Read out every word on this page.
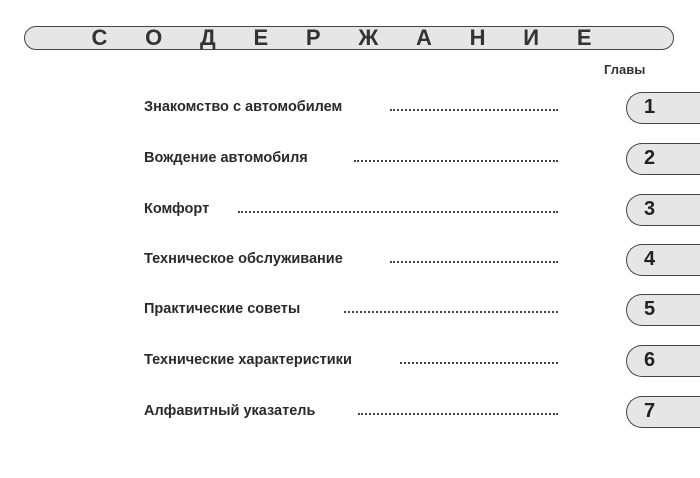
С О Д Е Р Ж А Н И Е
Главы
Знакомство с автомобилем	1
Вождение автомобиля	2
Комфорт	3
Техническое обслуживание	4
Практические советы	5
Технические характеристики	6
Алфавитный указатель	7
